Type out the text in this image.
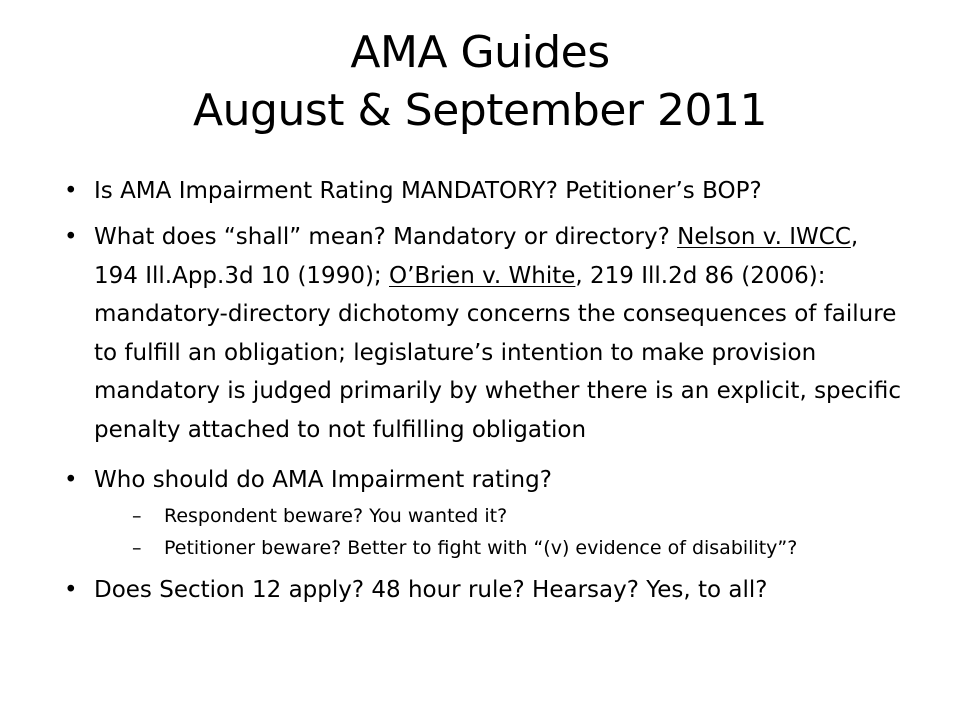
AMA Guides
August & September 2011
• Is AMA Impairment Rating MANDATORY? Petitioner’s BOP?
• What does “shall” mean? Mandatory or directory? Nelson v. IWCC, 194 Ill.App.3d 10 (1990); O’Brien v. White, 219 Ill.2d 86 (2006): mandatory-directory dichotomy concerns the consequences of failure to fulfill an obligation; legislature’s intention to make provision mandatory is judged primarily by whether there is an explicit, specific penalty attached to not fulfilling obligation
• Who should do AMA Impairment rating?
–	Respondent beware? You wanted it?
–	Petitioner beware? Better to fight with “(v) evidence of disability”?
• Does Section 12 apply? 48 hour rule? Hearsay? Yes, to all?
